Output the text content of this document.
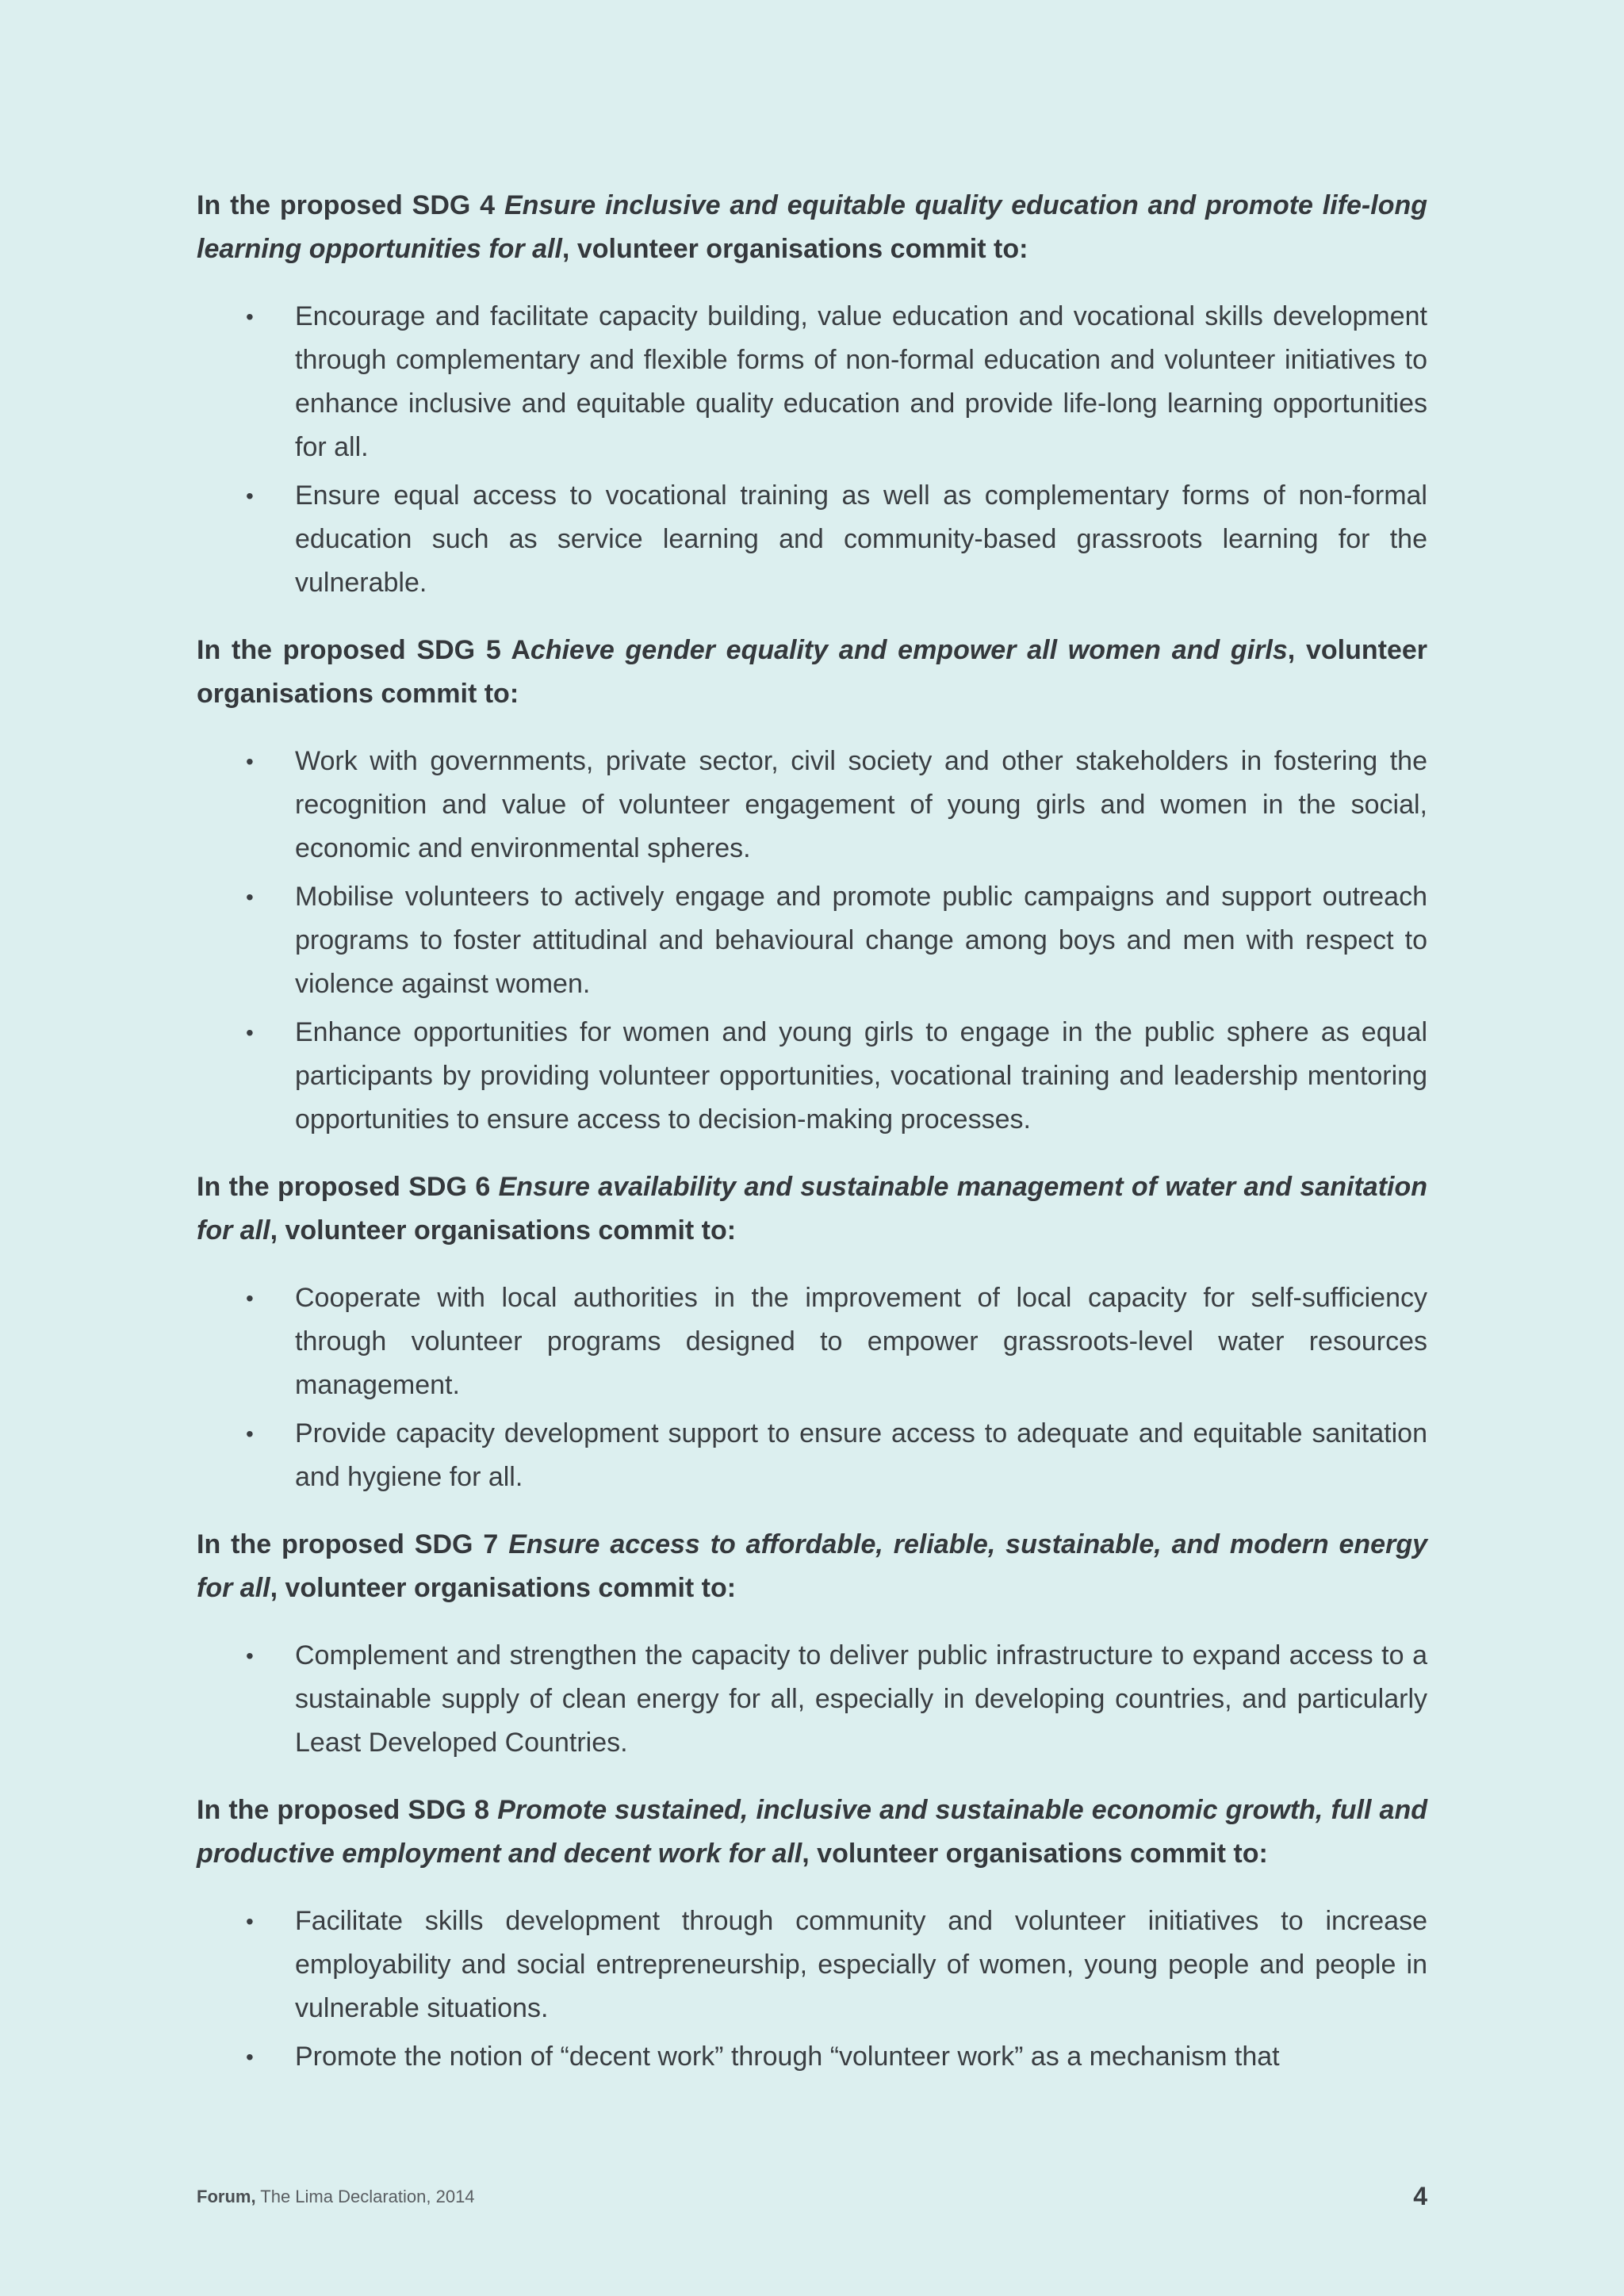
In the proposed SDG 4 Ensure inclusive and equitable quality education and promote life-long learning opportunities for all, volunteer organisations commit to:

• Encourage and facilitate capacity building, value education and vocational skills development through complementary and flexible forms of non-formal education and volunteer initiatives to enhance inclusive and equitable quality education and provide life-long learning opportunities for all.
• Ensure equal access to vocational training as well as complementary forms of non-formal education such as service learning and community-based grassroots learning for the vulnerable.

In the proposed SDG 5 Achieve gender equality and empower all women and girls, volunteer organisations commit to:

• Work with governments, private sector, civil society and other stakeholders in fostering the recognition and value of volunteer engagement of young girls and women in the social, economic and environmental spheres.
• Mobilise volunteers to actively engage and promote public campaigns and support outreach programs to foster attitudinal and behavioural change among boys and men with respect to violence against women.
• Enhance opportunities for women and young girls to engage in the public sphere as equal participants by providing volunteer opportunities, vocational training and leadership mentoring opportunities to ensure access to decision-making processes.

In the proposed SDG 6 Ensure availability and sustainable management of water and sanitation for all, volunteer organisations commit to:

• Cooperate with local authorities in the improvement of local capacity for self-sufficiency through volunteer programs designed to empower grassroots-level water resources management.
• Provide capacity development support to ensure access to adequate and equitable sanitation and hygiene for all.

In the proposed SDG 7 Ensure access to affordable, reliable, sustainable, and modern energy for all, volunteer organisations commit to:

• Complement and strengthen the capacity to deliver public infrastructure to expand access to a sustainable supply of clean energy for all, especially in developing countries, and particularly Least Developed Countries.

In the proposed SDG 8 Promote sustained, inclusive and sustainable economic growth, full and productive employment and decent work for all, volunteer organisations commit to:

• Facilitate skills development through community and volunteer initiatives to increase employability and social entrepreneurship, especially of women, young people and people in vulnerable situations.
• Promote the notion of “decent work” through “volunteer work” as a mechanism that
Forum, The Lima Declaration, 2014	4
